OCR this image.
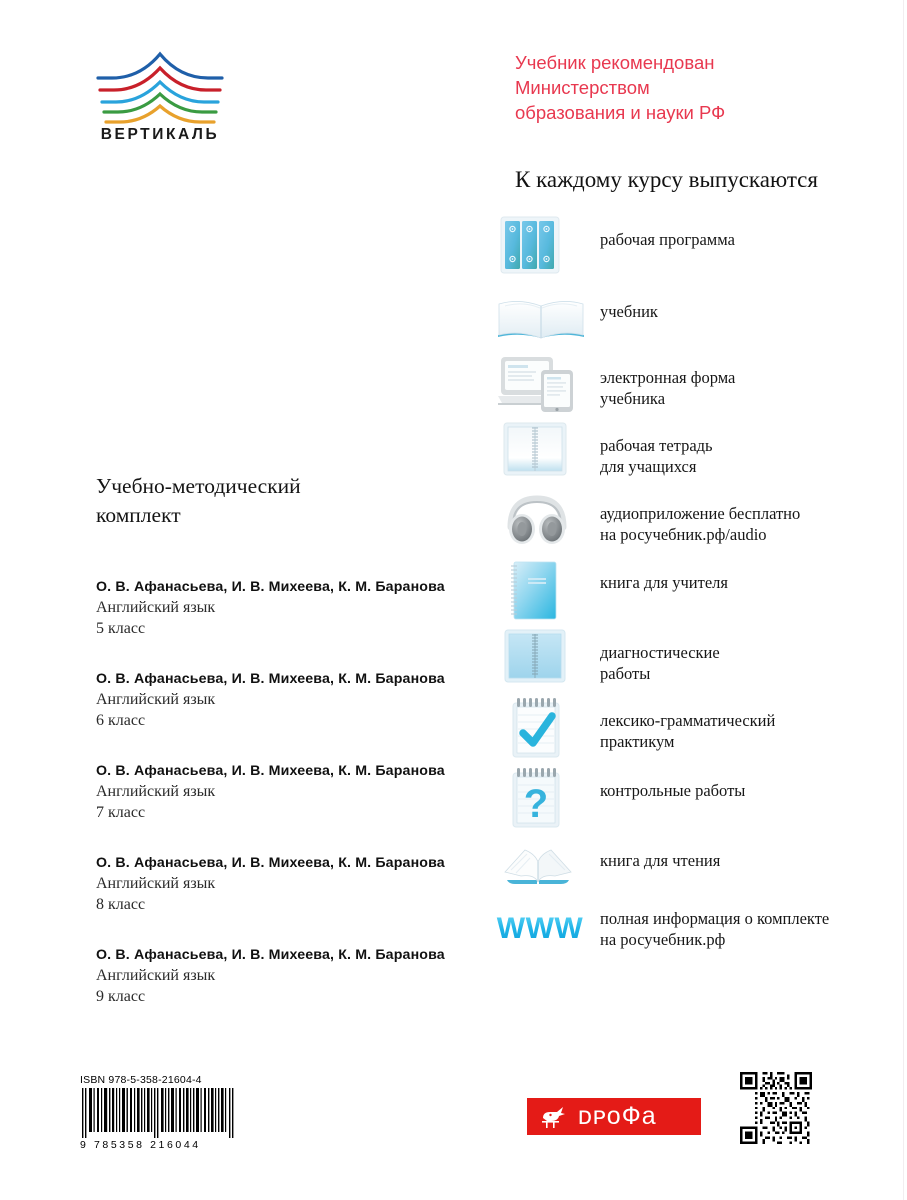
ВЕРТИКАЛЬ
Учебник рекомендован
Министерством
образования и науки РФ
К каждому курсу выпускаются
рабочая программа
учебник
электронная форма
учебника
рабочая тетрадь
для учащихся
аудиоприложение бесплатно
на росучебник.рф/audio
книга для учителя
диагностические
работы
лексико-грамматический
практикум
?	контрольные работы
книга для чтения
WWW полная информация о комплекте
на росучебник.рф
Учебно-методический
комплект
О. В. Афанасьева, И. В. Михеева, К. М. Баранова
Английский язык
5 класс
О. В. Афанасьева, И. В. Михеева, К. М. Баранова
Английский язык
6 класс
О. В. Афанасьева, И. В. Михеева, К. М. Баранова
Английский язык
7 класс
О. В. Афанасьева, И. В. Михеева, К. М. Баранова
Английский язык
8 класс
О. В. Афанасьева, И. В. Михеева, К. М. Баранова
Английский язык
9 класс
ISBN 978-5-358-21604-4
9 785358 216044
ᴅᴘоФа
